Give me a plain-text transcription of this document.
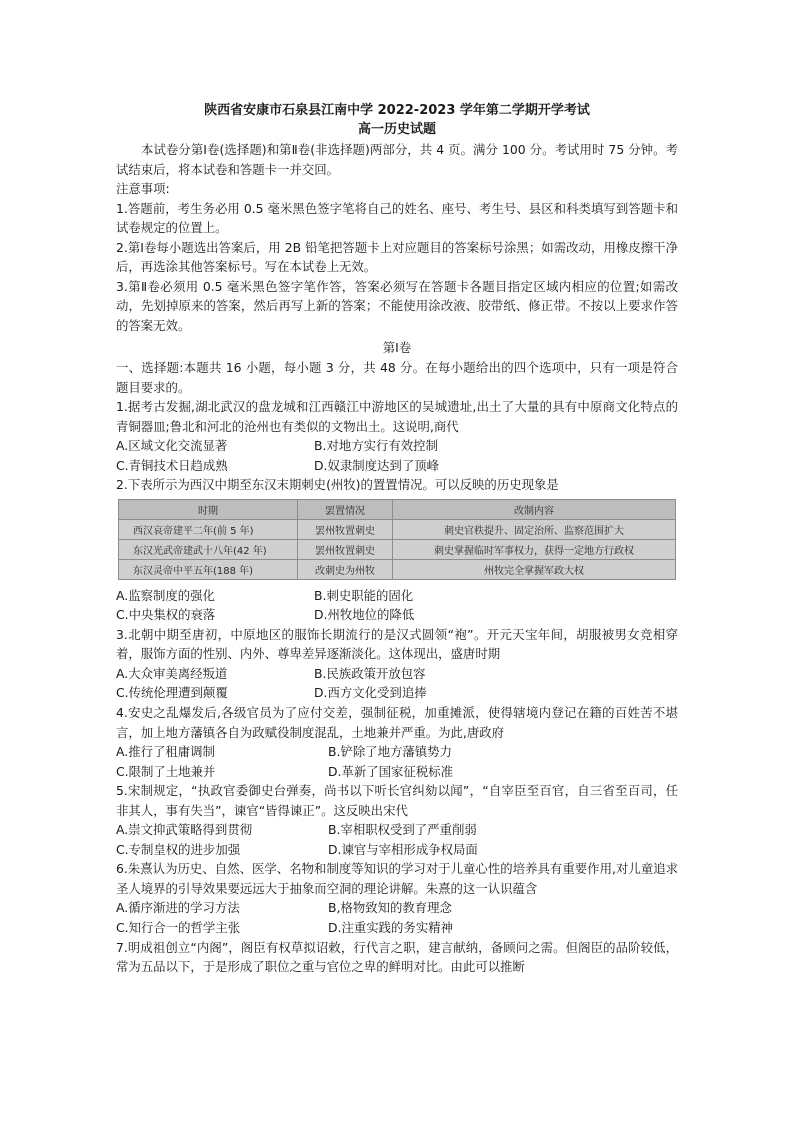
陕西省安康市石泉县江南中学 2022-2023 学年第二学期开学考试
高一历史试题
本试卷分第Ⅰ卷(选择题)和第Ⅱ卷(非选择题)两部分，共 4 页。满分 100 分。考试用时 75 分钟。考试结束后，将本试卷和答题卡一并交回。
注意事项:
1.答题前，考生务必用 0.5 毫米黑色签字笔将自己的姓名、座号、考生号、县区和科类填写到答题卡和试卷规定的位置上。
2.第Ⅰ卷每小题选出答案后，用 2B 铅笔把答题卡上对应题目的答案标号涂黑；如需改动，用橡皮擦干净后，再选涂其他答案标号。写在本试卷上无效。
3.第Ⅱ卷必须用 0.5 毫米黑色签字笔作答，答案必须写在答题卡各题目指定区域内相应的位置;如需改动，先划掉原来的答案，然后再写上新的答案；不能使用涂改液、胶带纸、修正带。不按以上要求作答的答案无效。
第Ⅰ卷
一、选择题:本题共 16 小题，每小题 3 分，共 48 分。在每小题给出的四个选项中，只有一项是符合题目要求的。
1.据考古发掘,湖北武汉的盘龙城和江西赣江中游地区的吴城遗址,出土了大量的具有中原商文化特点的青铜器皿;鲁北和河北的沧州也有类似的文物出土。这说明,商代
A.区域文化交流显著	B.对地方实行有效控制
C.青铜技术日趋成熟	D.奴隶制度达到了顶峰
2.下表所示为西汉中期至东汉末期刺史(州牧)的置置情况。可以反映的历史现象是
时期	罢置情况	改制内容
西汉哀帝建平二年(前 5 年)	罢州牧置刺史	刺史官秩提升、固定治所、监察范围扩大
东汉光武帝建武十八年(42 年)	罢州牧置刺史	刺史掌握临时军事权力，获得一定地方行政权
东汉灵帝中平五年(188 年)	改刺史为州牧	州牧完全掌握军政大权
A.监察制度的强化	B.刺史职能的固化
C.中央集权的衰落	D.州牧地位的降低
3.北朝中期至唐初，中原地区的服饰长期流行的是汉式圆领“袍”。开元天宝年间，胡服被男女竞相穿着，服饰方面的性别、内外、尊卑差异逐渐淡化。这体现出，盛唐时期
A.大众审美离经叛道	B.民族政策开放包容
C.传统伦理遭到颠覆	D.西方文化受到追捧
4.安史之乱爆发后,各级官员为了应付交差，强制征税，加重摊派，使得辖境内登记在籍的百姓苦不堪言，加上地方藩镇各自为政赋役制度混乱，土地兼并严重。为此,唐政府
A.推行了租庸调制	B.铲除了地方藩镇势力
C.限制了土地兼并	D.革新了国家征税标准
5.宋制规定，“执政官委御史台弹奏，尚书以下听长官纠劾以闻”，“自宰臣至百官，自三省至百司，任非其人，事有失当”，谏官“皆得谏正”。这反映出宋代
A.崇文抑武策略得到贯彻	B.宰相职权受到了严重削弱
C.专制皇权的进步加强	D.谏官与宰相形成争权局面
6.朱熹认为历史、自然、医学、名物和制度等知识的学习对于儿童心性的培养具有重要作用,对儿童追求圣人境界的引导效果要远远大于抽象而空洞的理论讲解。朱熹的这一认识蕴含
A.循序渐进的学习方法	B,格物致知的教育理念
C.知行合一的哲学主张	D.注重实践的务实精神
7.明成祖创立“内阁”，阁臣有权草拟诏敕，行代言之职，建言献纳，备顾问之需。但阁臣的品阶较低，常为五品以下，于是形成了职位之重与官位之卑的鲜明对比。由此可以推断
